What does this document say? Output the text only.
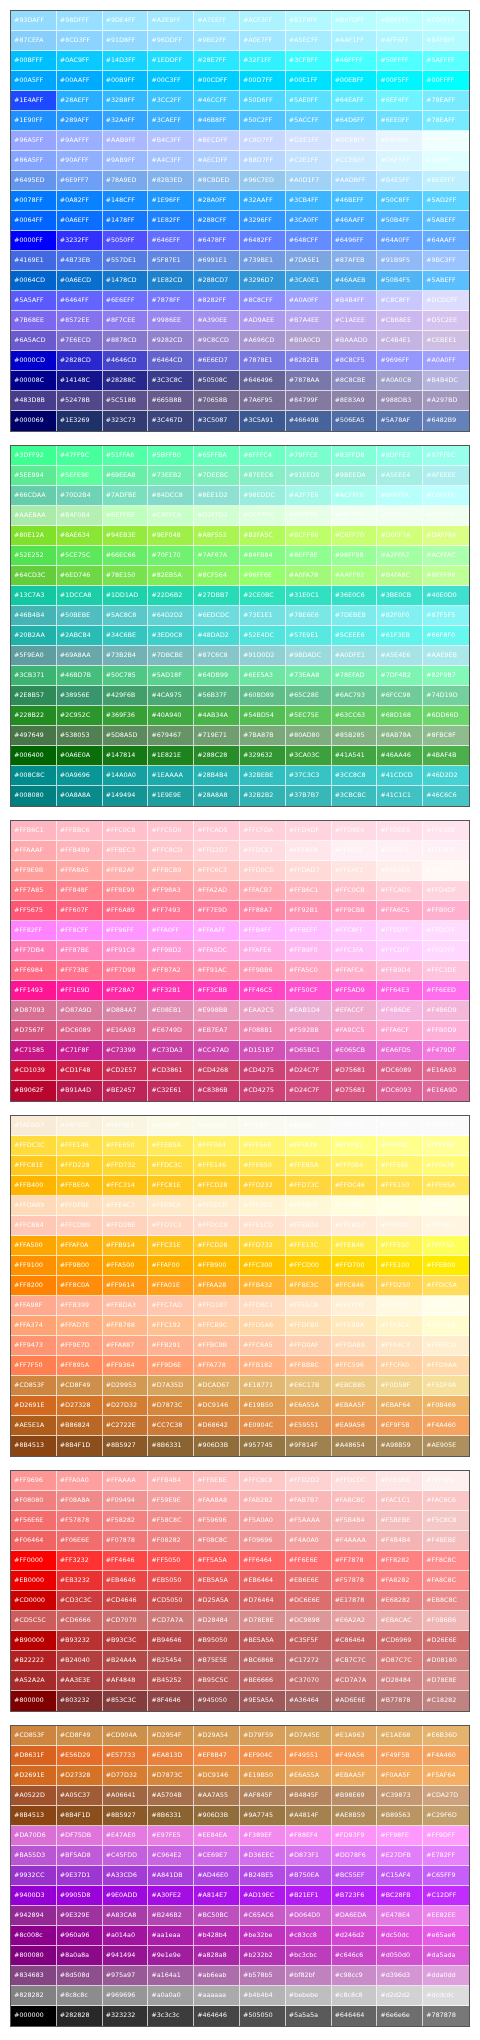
#93DAFF	#98DFFF	#9DE4FF	#A2E9FF	#A7EEFF	#ACF3FF	#B1F8FF	#B6FDFF	#BBFFFF	#C0FFFF
#87CEFA	#8CD3FF	#91D8FF	#96DDFF	#9BE2FF	#A0E7FF	#A5ECFF	#AAF1FF	#AFF6FF	#B4FBFF
#00BFFF	#0AC9FF	#14D3FF	#1EDDFF	#28E7FF	#32F1FF	#3CFBFF	#46FFFF	#50FFFF	#5AFFFF
#00A5FF	#00AAFF	#00B9FF	#00C3FF	#00CDFF	#00D7FF	#00E1FF	#00EBFF	#00F5FF	#00FFFF
#1E4AFF	#28AEFF	#32B8FF	#3CC2FF	#46CCFF	#50D6FF	#5AE0FF	#64EAFF	#6EF4FF	#78EAFF
#1E90FF	#289AFF	#32A4FF	#3CAEFF	#46B8FF	#50C2FF	#5ACCFF	#64D6FF	#6EE0FF	#78EAFF
#96A5FF	#9AAFFF	#AAB9FF	#B4C3FF	#BECDFF	#C8D7FF	#D2E1FF	#DCEBFF	#E6F5FF	#F0FFFF
#86A5FF	#90AFFF	#9AB9FF	#A4C3FF	#AECDFF	#B8D7FF	#C2E1FF	#CCEBFF	#D6F5FF	#E0FFFF
#6495ED	#6E9FF7	#78A9ED	#82B3ED	#8CBDED	#96C7ED	#A0D1F7	#AADBFF	#B4E5FF	#BEEFFF
#0078FF	#0A82FF	#148CFF	#1E96FF	#28A0FF	#32AAFF	#3CB4FF	#46BEFF	#50C8FF	#5AD2FF
#0064FF	#0A6EFF	#1478FF	#1E82FF	#288CFF	#3296FF	#3CA0FF	#46AAFF	#50B4FF	#5ABEFF
#0000FF	#3232FF	#5050FF	#646EFF	#6478FF	#6482FF	#648CFF	#6496FF	#64A0FF	#64AAFF
#4169E1	#4B73EB	#557DE1	#5F87E1	#6991E1	#739BE1	#7DA5E1	#87AFEB	#91B9F5	#9BC3FF
#0064CD	#0A6ECD	#1478CD	#1E82CD	#288CD7	#3296D7	#3CA0E1	#46AAEB	#50B4F5	#5ABEFF
#5A5AFF	#6464FF	#6E6EFF	#7878FF	#8282FF	#8C8CFF	#A0A0FF	#B4B4FF	#C8C8FF	#DCDCFF
#7B68EE	#8572EE	#8F7CEE	#9986EE	#A390EE	#AD9AEE	#B7A4EE	#C1AEEE	#CBB8EE	#D5C2EE
#6A5ACD	#7E6ECD	#8878CD	#9282CD	#9C8CCD	#A696CD	#B0A0CD	#BAAADD	#C4B4E1	#CEBEE1
#0000CD	#2828CD	#4646CD	#6464CD	#6E6ED7	#7878E1	#8282EB	#8C8CF5	#9696FF	#A0A0FF
#00008C	#14148C	#28288C	#3C3C8C	#50508C	#646496	#7878AA	#8C8CBE	#A0A0C8	#B4B4DC
#483D8B	#52478B	#5C518B	#665B8B	#70658B	#7A6F95	#84799F	#8E83A9	#988DB3	#A297BD
#000069	#1E3269	#323C73	#3C467D	#3C5087	#3C5A91	#46649B	#506EA5	#5A78AF	#6482B9
#3DFF92	#47FF9C	#51FFA6	#5BFFB0	#65FFBA	#6FFFC4	#79FFCE	#83FFD8	#8DFFE2	#97FFEC
#5EE994	#5EFE9E	#69EEA8	#73EEB2	#7DEEBC	#87EEC6	#91EED0	#9BEEDA	#A5EEE4	#AFEEEE
#66CDAA	#70D2B4	#7ADFBE	#84DCC8	#8EE1D2	#98EDDC	#A2F7E6	#ACFFF0	#B6FFFA	#C0FFFF
#AAEBAA	#B4F0B4	#BEFFBE	#C8FFC8	#D2FFD2	#DCFFDC	#E6FFE6	#F0FFF0	#F0FFF0	#F0FFF0
#80E12A	#8AE634	#94EB3E	#9EF048	#A8F552	#B2FA5C	#BCFF66	#C6FF70	#D0FF7A	#DAFF84
#52E252	#5CE75C	#66EC66	#70F170	#7AF67A	#84FB84	#8EFF8E	#98FF98	#A2FFA2	#ACFFAC
#64CD3C	#6ED746	#78E150	#82EB5A	#8CF564	#96FF6E	#A0FA78	#AAFF82	#B4FA8C	#BEFF96
#13C7A3	#1DCCA8	#1DD1AD	#22D6B2	#27DBB7	#2CE0BC	#31E0C1	#36E0C6	#3BE0CB	#40E0D0
#46B4B4	#50BEBE	#5AC8C8	#64D2D2	#6EDCDC	#73E1E1	#7BE6E6	#7DEBEB	#82F0F0	#87F5F5
#20B2AA	#2ABCB4	#34C6BE	#3ED0C8	#48DAD2	#52E4DC	#57E9E1	#5CEEE6	#61F3EB	#66F8F0
#5F9EA0	#69A8AA	#73B2B4	#7DBCBE	#87C6C8	#91D0D2	#9BDADC	#A0DFE1	#A5E4E6	#AAE9EB
#3CB371	#46BD7B	#50C785	#5AD18F	#64DB99	#6EE5A3	#73EAA8	#78EFAD	#7DF4B2	#82F9B7
#2E8B57	#38956E	#429F6B	#4CA975	#56B37F	#60BD89	#65C28E	#6AC793	#6FCC98	#74D19D
#228B22	#2C952C	#369F36	#40A940	#4AB34A	#54BD54	#5EC75E	#63CC63	#68D168	#6DD66D
#497649	#538053	#5D8A5D	#679467	#719E71	#7BA87B	#80AD80	#85B285	#8AB78A	#8FBC8F
#006400	#0A6E0A	#147814	#1E821E	#288C28	#329632	#3CA03C	#41A541	#46AA46	#4BAF4B
#008C8C	#0A9696	#14A0A0	#1EAAAA	#28B4B4	#32BEBE	#37C3C3	#3CC8C8	#41CDCD	#46D2D2
#008080	#0A8A8A	#149494	#1E9E9E	#28A8A8	#32B2B2	#37B7B7	#3CBCBC	#41C1C1	#46C6C6
#FFB6C1	#FFBBC6	#FFC0CB	#FFC5D0	#FFCAD5	#FFCFDA	#FFD4DF	#FFD9E4	#FFDEE9	#FFE3EE
#FFAAAF	#FFB4B9	#FFBEC3	#FFC8CD	#FFD2D7	#FFDCE1	#FFE6EB	#FFF0F5	#FFF0F5	#FFF0F5
#FF9E9B	#FFA8A5	#FFB2AF	#FFBCB9	#FFC6C3	#FFD0CD	#FFDAD7	#FFE4E1	#FFEEEB	#FFF8F5
#FF7A85	#FF848F	#FF8E99	#FF98A3	#FFA2AD	#FFACB7	#FFB6C1	#FFC0CB	#FFCAD5	#FFD4DF
#FF5675	#FF607F	#FF6A89	#FF7493	#FF7E9D	#FF88A7	#FF92B1	#FF9CBB	#FFA6C5	#FFB0CF
#FF82FF	#FF8CFF	#FF96FF	#FFA0FF	#FFAAFF	#FFB4FF	#FFBEFF	#FFC8FF	#FFD2FF	#FFDCFF
#FF7DB4	#FF87BE	#FF91C8	#FF9BD2	#FFA5DC	#FFAFE6	#FFB9F0	#FFC3FA	#FFCDFF	#FFD7FF
#FF6984	#FF738E	#FF7D98	#FF87A2	#FF91AC	#FF9BB6	#FFA5C0	#FFAFCA	#FFB9D4	#FFC3DE
#FF1493	#FF1E9D	#FF28A7	#FF32B1	#FF3CBB	#FF46C5	#FF50CF	#FF5AD9	#FF64E3	#FF6EED
#D87093	#D87A9D	#D884A7	#E08EB1	#E998BB	#EAA2C5	#EAB1D4	#EFACCF	#F4B6DE	#F4B6D9
#D7567F	#DC6089	#E16A93	#E6749D	#EB7EA7	#F088B1	#F592BB	#FA9CC5	#FFA6CF	#FFB0D9
#C71585	#C71F8F	#C73399	#C73DA3	#CC47AD	#D151B7	#D65BC1	#E065CB	#EA6FD5	#F479DF
#CD1039	#CD1F48	#CD2E57	#CD3861	#CD4268	#CD4275	#D24C7F	#D75681	#DC6089	#E16A93
#B9062F	#B91A4D	#BE2457	#C32E61	#C8386B	#CD4275	#D24C7F	#D75681	#DC6093	#E16A9D
#FAEBD7	#FAF0DC	#FAF5E1	#FAFAE6	#FAFAEB	#FAFAF0	#FAFAF5	#FAFAFA	#FAFAFA	#FAFAFA
#FFDC3C	#FFE146	#FFE650	#FFEB5A	#FFF064	#FFF56E	#FFFA78	#FFFF82	#FFFF8C	#FFFF96
#FFC81E	#FFD228	#FFD732	#FFDC3C	#FFE146	#FFE650	#FFEB5A	#FFF064	#FFF56E	#FFFA78
#FFB400	#FFBE0A	#FFC314	#FFC81E	#FFCD28	#FFD232	#FFD73C	#FFDC46	#FFE150	#FFE65A
#FFDAB9	#FFDFBE	#FFE4C3	#FFE9C8	#FFEECD	#FFF3D2	#FFF8D7	#FFFDDC	#FFFFE1	#FFFFE6
#FFC8B4	#FFCDB9	#FFD2BE	#FFD7C3	#FFDCC8	#FFE1CD	#FFE6D2	#FFEBD7	#FFF0DC	#FFF5E1
#FFA500	#FFAF0A	#FFB914	#FFC31E	#FFCD28	#FFD732	#FFE13C	#FFEB46	#FFF550	#FFFF5A
#FF9100	#FF9B00	#FFA500	#FFAF00	#FFB900	#FFC300	#FFCD00	#FFD700	#FFE100	#FFEB00
#FF8200	#FF8C0A	#FF9614	#FFA01E	#FFAA28	#FFB432	#FFBE3C	#FFC846	#FFD250	#FFDC5A
#FFA98F	#FFB399	#FFBDA3	#FFC7AD	#FFD1B7	#FFDBC1	#FFE5CB	#FFEFD5	#FFF9DF	#FFFFE9
#FFA374	#FFAD7E	#FFB788	#FFC192	#FFCB9C	#FFD5A6	#FFDFB0	#FFE9BA	#FFF3C4	#FFFDCE
#FF9473	#FF9E7D	#FFA887	#FFB291	#FFBC9B	#FFC6A5	#FFD0AF	#FFDAB9	#FFE4C3	#FFEECD
#FF7F50	#FF895A	#FF9364	#FF9D6E	#FFA778	#FFB182	#FFBB8C	#FFC596	#FFCFA0	#FFD9AA
#CD853F	#CD8F49	#D29953	#D7A35D	#DCAD67	#E1B771	#E6C17B	#EBCB85	#F0D58F	#F5DF9A
#D2691E	#D27328	#D27D32	#D7873C	#DC9146	#E19B50	#E6A55A	#EBAA5F	#EBAF64	#F0B469
#AE5E1A	#B86824	#C2722E	#CC7C38	#D68642	#E0904C	#E59551	#EA9A56	#EF9F5B	#F4A460
#8B4513	#8B4F1D	#8B5927	#8B6331	#906D3B	#957745	#9F814F	#A48654	#A98B59	#AE905E
#FF9696	#FFA0A0	#FFAAAA	#FFB4B4	#FFBEBE	#FFC8C8	#FFD2D2	#FFDCDC	#FFE6E6	#FFF0F0
#F08080	#F08A8A	#F09494	#F59E9E	#FAA8A8	#FAB2B2	#FAB7B7	#FABCBC	#FAC1C1	#FAC6C6
#F56E6E	#F57878	#F58282	#F58C8C	#F59696	#F5A0A0	#F5AAAA	#F5B4B4	#F5BEBE	#F5C8C8
#F06464	#F06E6E	#F07878	#F08282	#F08C8C	#F09696	#F4A0A0	#F4AAAA	#F4B4B4	#F4BEBE
#FF0000	#FF3232	#FF4646	#FF5050	#FF5A5A	#FF6464	#FF6E6E	#FF7878	#FF8282	#FF8C8C
#EB0000	#EB3232	#EB4646	#EB5050	#EB5A5A	#EB6464	#EB6E6E	#F57878	#FA8282	#FA8C8C
#CD0000	#CD3C3C	#CD4646	#CD5050	#D25A5A	#D76464	#DC6E6E	#E17878	#E68282	#EB8C8C
#CD5C5C	#CD6666	#CD7070	#CD7A7A	#D28484	#D78E8E	#DC9898	#E6A2A2	#EBACAC	#F0B6B6
#B90000	#B93232	#B93C3C	#B94646	#B95050	#BE5A5A	#C35F5F	#C86464	#CD6969	#D26E6E
#B22222	#B24040	#B24A4A	#B25454	#B75E5E	#BC6868	#C17272	#CB7C7C	#D87C7C	#D08180
#A52A2A	#AA3E3E	#AF4848	#B45252	#B95C5C	#BE6666	#C37070	#CD7A7A	#D28484	#D78E8E
#800000	#803232	#853C3C	#8F4646	#945050	#9E5A5A	#A36464	#AD6E6E	#B77878	#C18282
#CD853F	#CD8F49	#CD904A	#D2954F	#D29A54	#D79F59	#D7A45E	#E1A963	#E1AE68	#E6B36D
#D8631F	#E56D29	#E57733	#EA813D	#EF8B47	#EF904C	#F49551	#F49A56	#F49F5B	#F4A460
#D2691E	#D27328	#D77D32	#D7873C	#DC9146	#E19B50	#E6A55A	#EBAA5F	#F0AA5F	#F5AF64
#A0522D	#A05C37	#A06641	#A5704B	#AA7A55	#AF845F	#B4845F	#B98E69	#C39873	#CDA27D
#8B4513	#8B4F1D	#8B5927	#8B6331	#906D3B	#9A7745	#A4814F	#AE8B59	#B89563	#C29F6D
#DA70D6	#DF75DB	#E47AE0	#E97FE5	#EE84EA	#F389EF	#F88EF4	#FD93F9	#FF98FE	#FF9DFF
#BA55D3	#BF5AD8	#C45FDD	#C964E2	#CE69E7	#D36EEC	#D873F1	#DD78F6	#E27DFB	#E782FF
#9932CC	#9E37D1	#A33CD6	#A841DB	#AD46E0	#B24BE5	#B750EA	#BC55EF	#C15AF4	#C65FF9
#9400D3	#9905D8	#9E0ADD	#A30FE2	#A814E7	#AD19EC	#B21EF1	#B723F6	#BC28FB	#C12DFF
#942894	#9E329E	#A83CA8	#B246B2	#BC50BC	#C65AC6	#D064D0	#DA6EDA	#E478E4	#EE82EE
#8c008c	#960a96	#a014a0	#aa1eaa	#b428b4	#be32be	#c83cc8	#d246d2	#dc50dc	#e65ae6
#800080	#8a0a8a	#941494	#9e1e9e	#a828a8	#b232b2	#bc3cbc	#c646c6	#d050d0	#da5ada
#834683	#8d508d	#975a97	#a164a1	#ab6eab	#b578b5	#bf82bf	#c98cc9	#d396d3	#dda0dd
#828282	#8c8c8c	#969696	#a0a0a0	#aaaaaa	#b4b4b4	#bebebe	#c8c8c8	#d2d2d2	#dcdcdc
#000000	#282828	#323232	#3c3c3c	#464646	#505050	#5a5a5a	#646464	#6e6e6e	#787878
